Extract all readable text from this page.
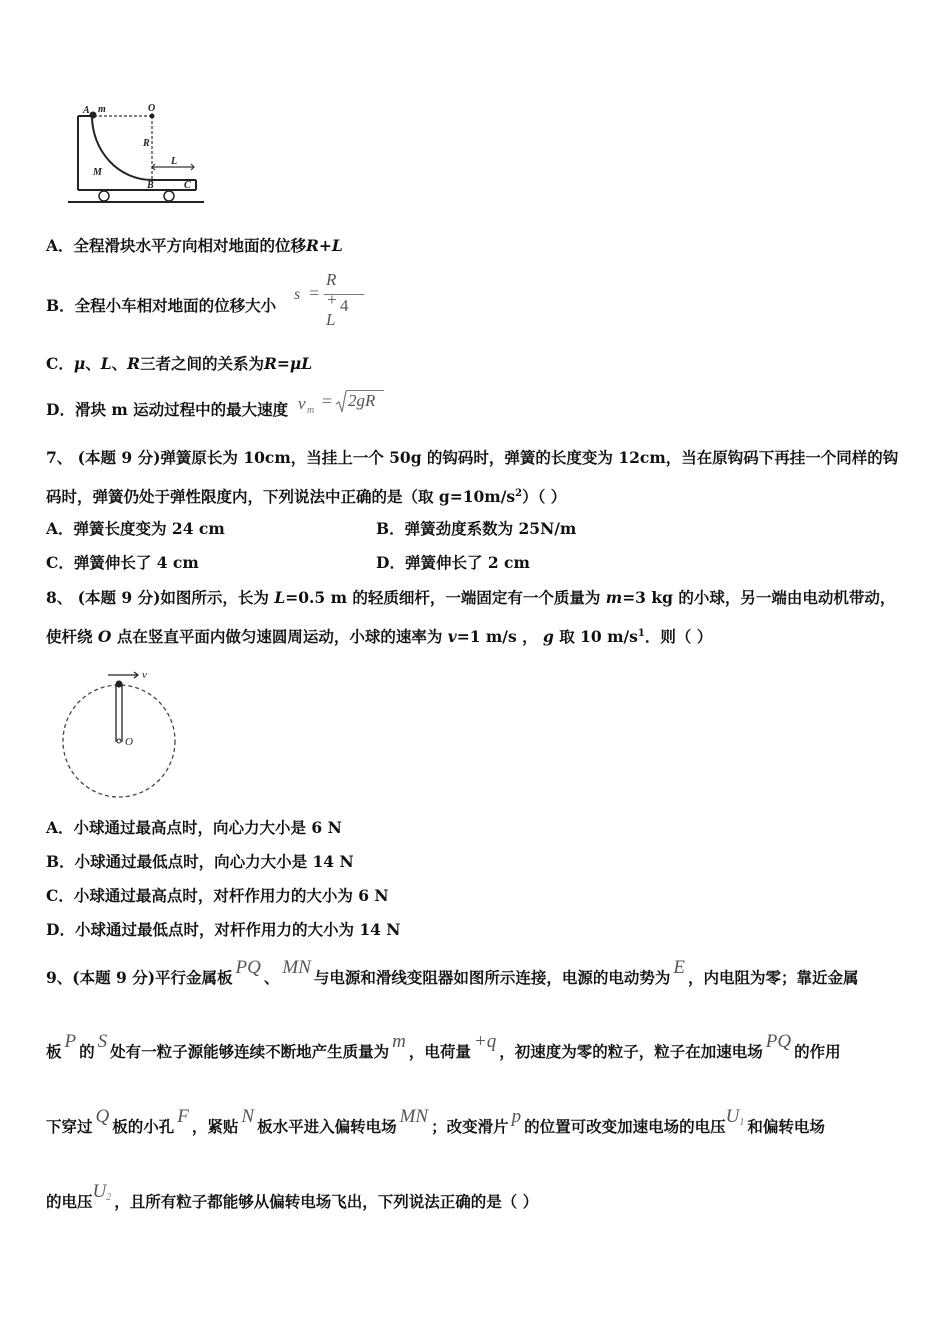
A m	O
R
L
M
B	C
A．全程滑块水平方向相对地面的位移R+L
B．全程小车相对地面的位移大小
s =
R + L
4
C．μ、L、R三者之间的关系为R=μL
D．滑块 m 运动过程中的最大速度 v m = 2gR
7、 (本题 9 分)弹簧原长为 10cm，当挂上一个 50g 的钩码时，弹簧的长度变为 12cm，当在原钩码下再挂一个同样的钩
码时，弹簧仍处于弹性限度内，下列说法中正确的是（取 $g=10m/s^2$）（ ）
A．弹簧长度变为 24 cm	B．弹簧劲度系数为 25N/m
C．弹簧伸长了 4 cm	D．弹簧伸长了 2 cm
8、 (本题 9 分)如图所示，长为 L=0.5 m 的轻质细杆，一端固定有一个质量为 m=3 kg 的小球，另一端由电动机带动，
使杆绕 O 点在竖直平面内做匀速圆周运动，小球的速率为 v=1 m/s ， g 取 10 $m/s^1$．则（ ）
v
O
A．小球通过最高点时，向心力大小是 6 N
B．小球通过最低点时，向心力大小是 14 N
C．小球通过最高点时，对杆作用力的大小为 6 N
D．小球通过最低点时，对杆作用力的大小为 14 N
9、(本题 9 分)平行金属板 PQ 、 MN 与电源和滑线变阻器如图所示连接，电源的电动势为 E ，内电阻为零；靠近金属
板 P 的 S 处有一粒子源能够连续不断地产生质量为 m ，电荷量 +q ，初速度为零的粒子，粒子在加速电场 PQ 的作用
下穿过 Q 板的小孔 F ，紧贴 N 板水平进入偏转电场 MN ；改变滑片 p 的位置可改变加速电场的电压$U^1$ 和偏转电场
的电压$U^2$ ，且所有粒子都能够从偏转电场飞出，下列说法正确的是（ ）
